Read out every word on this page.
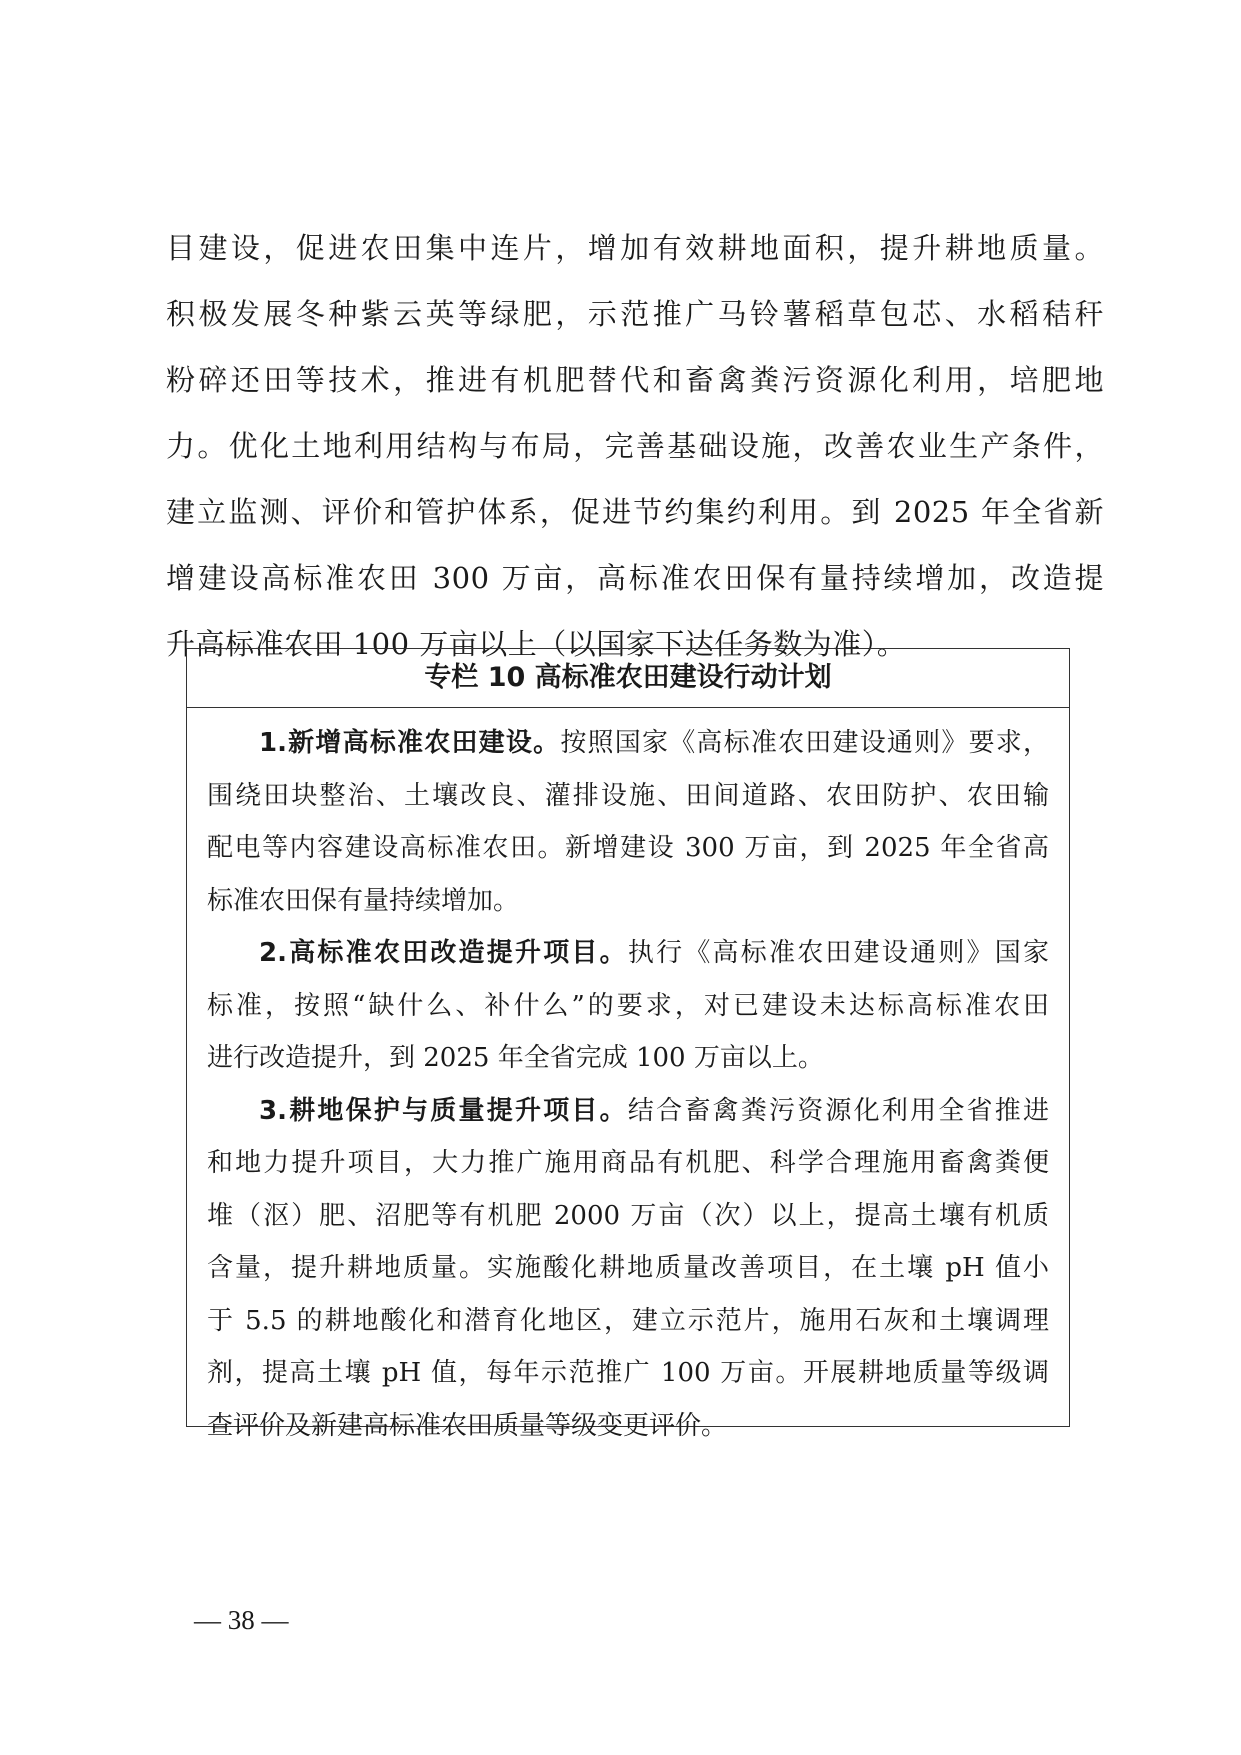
目建设，促进农田集中连片，增加有效耕地面积，提升耕地质量。
积极发展冬种紫云英等绿肥，示范推广马铃薯稻草包芯、水稻秸秆
粉碎还田等技术，推进有机肥替代和畜禽粪污资源化利用，培肥地
力。优化土地利用结构与布局，完善基础设施，改善农业生产条件，
建立监测、评价和管护体系，促进节约集约利用。到 2025 年全省新
增建设高标准农田 300 万亩，高标准农田保有量持续增加，改造提
升高标准农田 100 万亩以上（以国家下达任务数为准）。
专栏 10 高标准农田建设行动计划
1.新增高标准农田建设。按照国家《高标准农田建设通则》要求，
围绕田块整治、土壤改良、灌排设施、田间道路、农田防护、农田输
配电等内容建设高标准农田。新增建设 300 万亩，到 2025 年全省高
标准农田保有量持续增加。
2.高标准农田改造提升项目。执行《高标准农田建设通则》国家
标准，按照“缺什么、补什么”的要求，对已建设未达标高标准农田
进行改造提升，到 2025 年全省完成 100 万亩以上。
3.耕地保护与质量提升项目。结合畜禽粪污资源化利用全省推进
和地力提升项目，大力推广施用商品有机肥、科学合理施用畜禽粪便
堆（沤）肥、沼肥等有机肥 2000 万亩（次）以上，提高土壤有机质
含量，提升耕地质量。实施酸化耕地质量改善项目，在土壤 pH 值小
于 5.5 的耕地酸化和潜育化地区，建立示范片，施用石灰和土壤调理
剂，提高土壤 pH 值，每年示范推广 100 万亩。开展耕地质量等级调
查评价及新建高标准农田质量等级变更评价。
— 38 —
